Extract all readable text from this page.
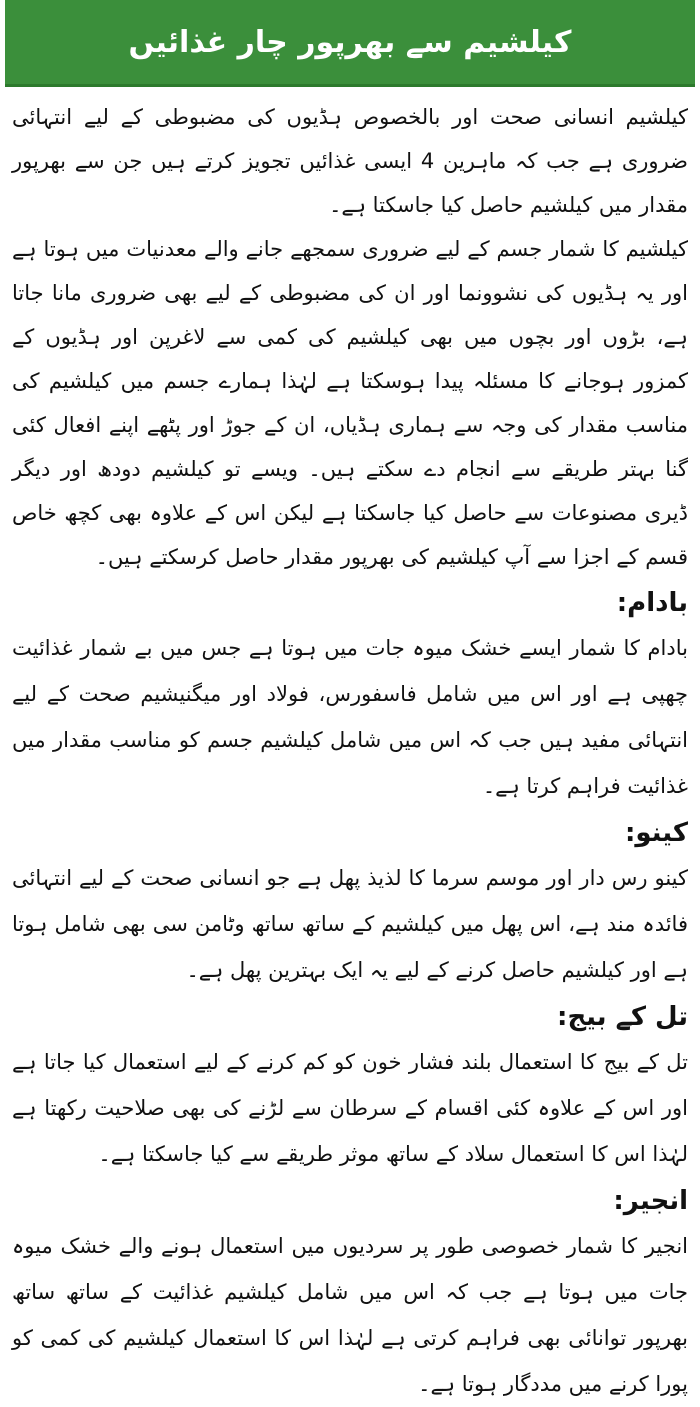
کیلشیم سے بھرپور چار غذائیں

کیلشیم انسانی صحت اور بالخصوص ہڈیوں کی مضبوطی کے لیے انتہائی ضروری ہے جب کہ ماہرین 4 ایسی غذائیں تجویز کرتے ہیں جن سے بھرپور مقدار میں کیلشیم حاصل کیا جاسکتا ہے۔

کیلشیم کا شمار جسم کے لیے ضروری سمجھے جانے والے معدنیات میں ہوتا ہے اور یہ ہڈیوں کی نشوونما اور ان کی مضبوطی کے لیے بھی ضروری مانا جاتا ہے، بڑوں اور بچوں میں بھی کیلشیم کی کمی سے لاغرپن اور ہڈیوں کے کمزور ہوجانے کا مسئلہ پیدا ہوسکتا ہے لہٰذا ہمارے جسم میں کیلشیم کی مناسب مقدار کی وجہ سے ہماری ہڈیاں، ان کے جوڑ اور پٹھے اپنے افعال کئی گنا بہتر طریقے سے انجام دے سکتے ہیں۔ ویسے تو کیلشیم دودھ اور دیگر ڈیری مصنوعات سے حاصل کیا جاسکتا ہے لیکن اس کے علاوہ بھی کچھ خاص قسم کے اجزا سے آپ کیلشیم کی بھرپور مقدار حاصل کرسکتے ہیں۔

بادام:

بادام کا شمار ایسے خشک میوہ جات میں ہوتا ہے جس میں بے شمار غذائیت چھپی ہے اور اس میں شامل فاسفورس، فولاد اور میگنیشیم صحت کے لیے انتہائی مفید ہیں جب کہ اس میں شامل کیلشیم جسم کو مناسب مقدار میں غذائیت فراہم کرتا ہے۔

کینو:

کینو رس دار اور موسم سرما کا لذیذ پھل ہے جو انسانی صحت کے لیے انتہائی فائدہ مند ہے، اس پھل میں کیلشیم کے ساتھ ساتھ وٹامن سی بھی شامل ہوتا ہے اور کیلشیم حاصل کرنے کے لیے یہ ایک بہترین پھل ہے۔

تل کے بیج:

تل کے بیج کا استعمال بلند فشار خون کو کم کرنے کے لیے استعمال کیا جاتا ہے اور اس کے علاوہ کئی اقسام کے سرطان سے لڑنے کی بھی صلاحیت رکھتا ہے لہٰذا اس کا استعمال سلاد کے ساتھ موثر طریقے سے کیا جاسکتا ہے۔

انجیر:

انجیر کا شمار خصوصی طور پر سردیوں میں استعمال ہونے والے خشک میوہ جات میں ہوتا ہے جب کہ اس میں شامل کیلشیم غذائیت کے ساتھ ساتھ بھرپور توانائی بھی فراہم کرتی ہے لہٰذا اس کا استعمال کیلشیم کی کمی کو پورا کرنے میں مددگار ہوتا ہے۔
